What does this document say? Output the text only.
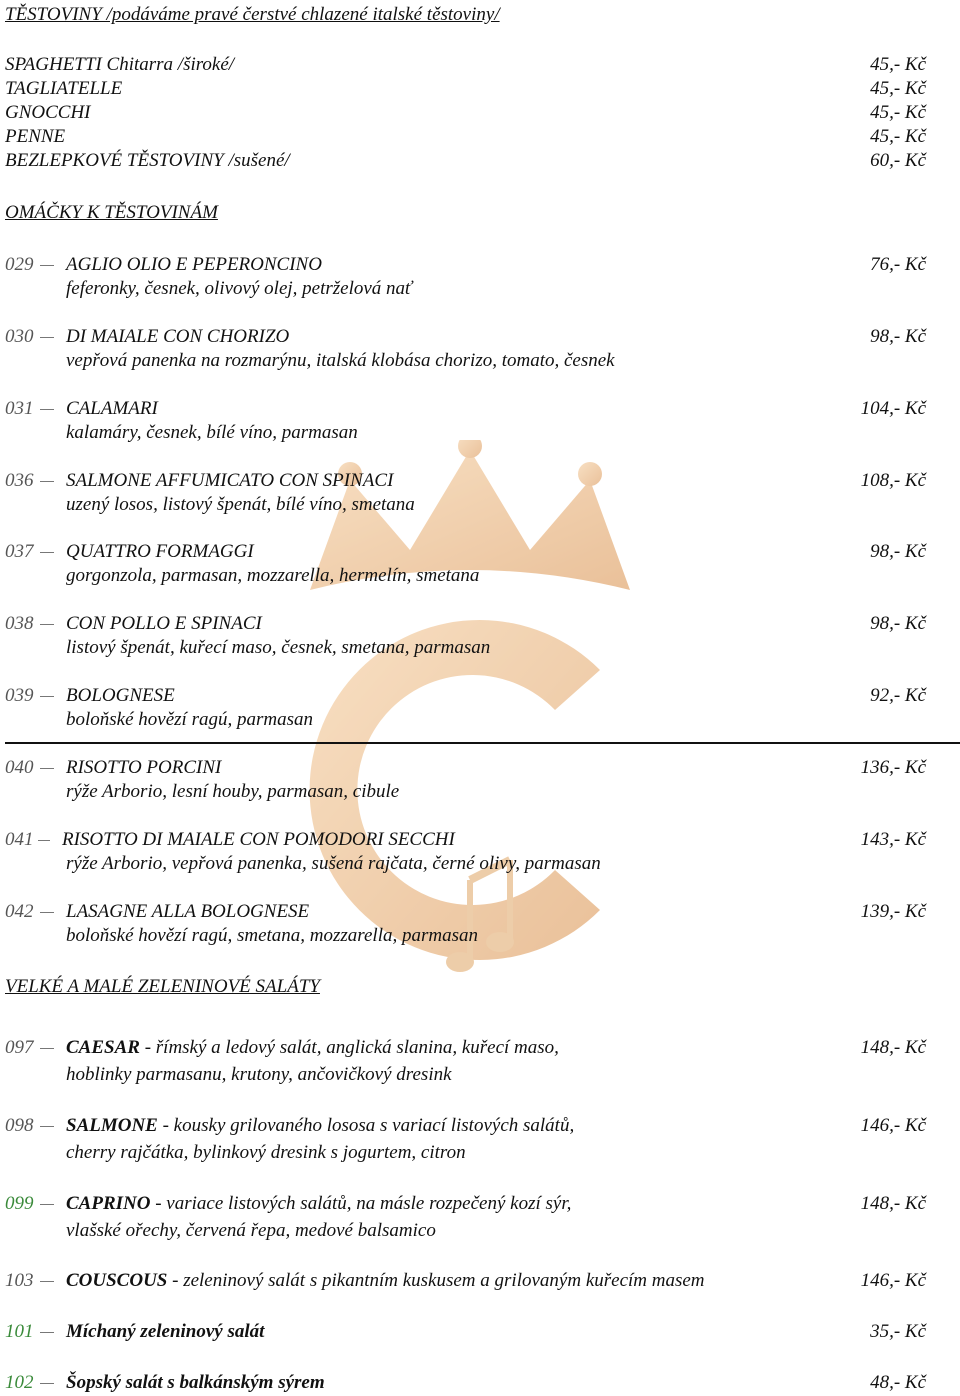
TĚSTOVINY /podáváme pravé čerstvé chlazené italské těstoviny/
SPAGHETTI Chitarra /široké/	45,- Kč
TAGLIATELLE	45,- Kč
GNOCCHI	45,- Kč
PENNE	45,- Kč
BEZLEPKOVÉ TĚSTOVINY /sušené/	60,- Kč
OMÁČKY K TĚSTOVINÁM
029 AGLIO OLIO E PEPERONCINO	76,- Kč
feferonky, česnek, olivový olej, petrželová nať
030 DI MAIALE CON CHORIZO	98,- Kč
vepřová panenka na rozmarýnu, italská klobása chorizo, tomato, česnek
031 CALAMARI	104,- Kč
kalamáry, česnek, bílé víno, parmasan
036 SALMONE AFFUMICATO CON SPINACI	108,- Kč
uzený losos, listový špenát, bílé víno, smetana
037 QUATTRO FORMAGGI	98,- Kč
gorgonzola, parmasan, mozzarella, hermelín, smetana
038 CON POLLO E SPINACI	98,- Kč
listový špenát, kuřecí maso, česnek, smetana, parmasan
039 BOLOGNESE	92,- Kč
boloňské hovězí ragú, parmasan
040 RISOTTO PORCINI	136,- Kč
rýže Arborio, lesní houby, parmasan, cibule
041 RISOTTO DI MAIALE CON POMODORI SECCHI	143,- Kč
rýže Arborio, vepřová panenka, sušená rajčata, černé olivy, parmasan
042 LASAGNE ALLA BOLOGNESE	139,- Kč
boloňské hovězí ragú, smetana, mozzarella, parmasan
VELKÉ A MALÉ ZELENINOVÉ SALÁTY
097 CAESAR - římský a ledový salát, anglická slanina, kuřecí maso,	148,- Kč
hoblinky parmasanu, krutony, ančovičkový dresink
098 SALMONE - kousky grilovaného lososa s variací listových salátů,	146,- Kč
cherry rajčátka, bylinkový dresink s jogurtem, citron
099 CAPRINO - variace listových salátů, na másle rozpečený kozí sýr,	148,- Kč
vlašské ořechy, červená řepa, medové balsamico
103 COUSCOUS - zeleninový salát s pikantním kuskusem a grilovaným kuřecím masem	146,- Kč
101 Míchaný zeleninový salát	35,- Kč
102 Šopský salát s balkánským sýrem	48,- Kč
